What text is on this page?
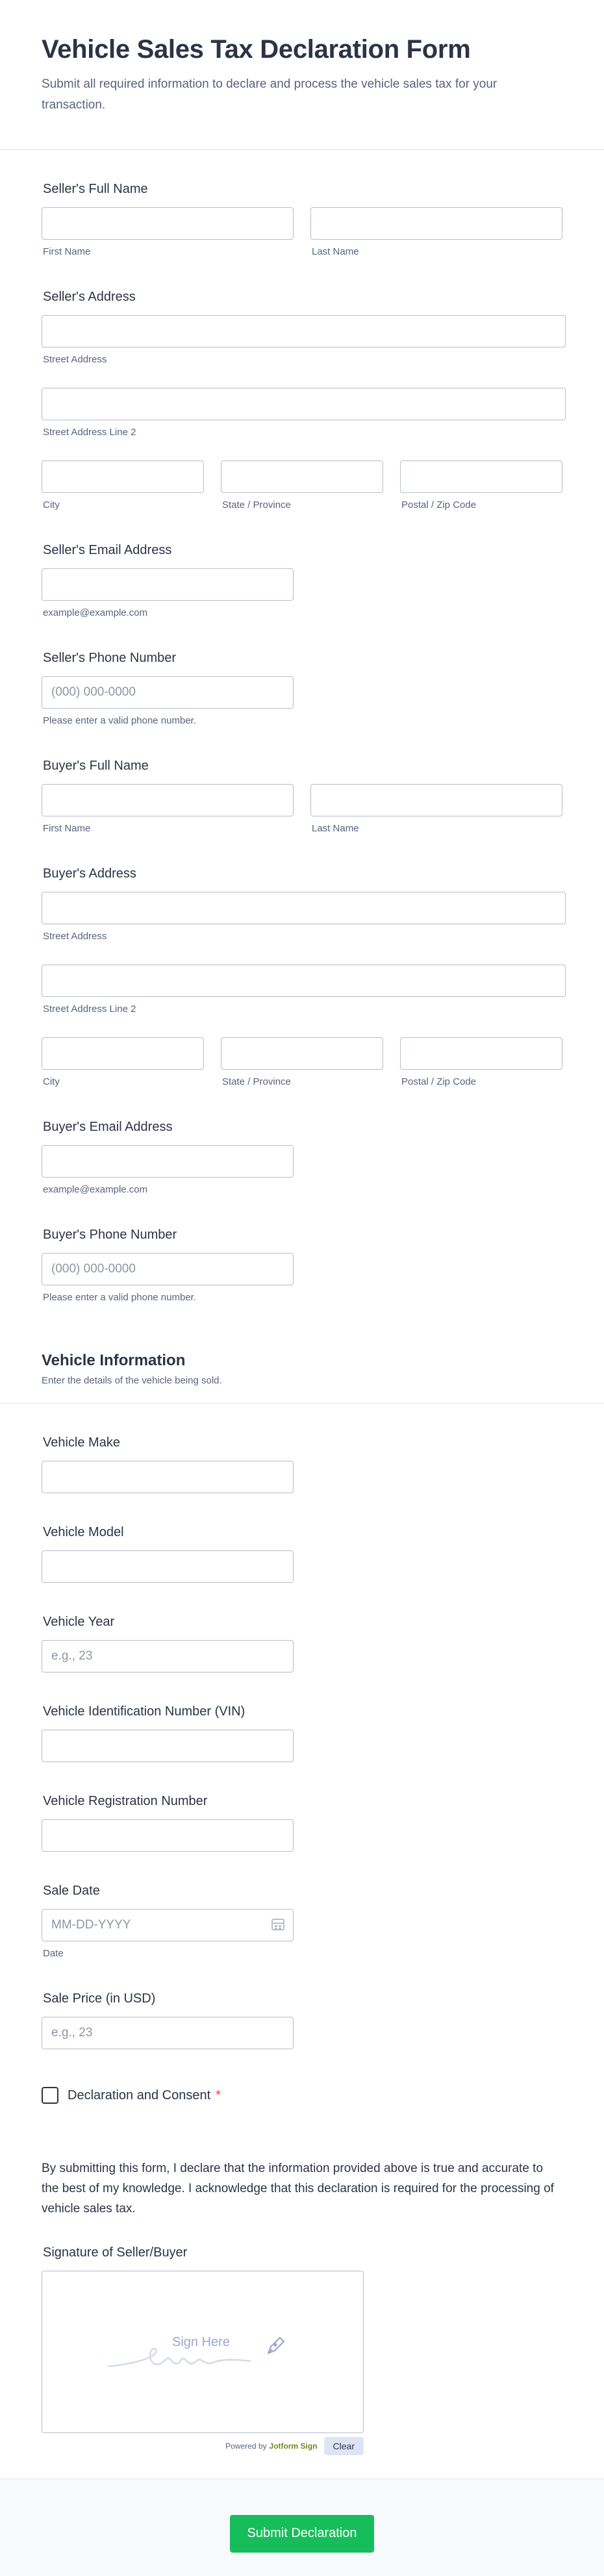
Vehicle Sales Tax Declaration Form

Submit all required information to declare and process the vehicle sales tax for your transaction.

Seller's Full Name
First Name	Last Name
Seller's Address
Street Address
Street Address Line 2
City	State / Province	Postal / Zip Code
Seller's Email Address
example@example.com
Seller's Phone Number
(000) 000-0000
Please enter a valid phone number.
Buyer's Full Name
First Name	Last Name
Buyer's Address
Street Address
Street Address Line 2
City	State / Province	Postal / Zip Code
Buyer's Email Address
example@example.com
Buyer's Phone Number
(000) 000-0000
Please enter a valid phone number.
Vehicle Information
Enter the details of the vehicle being sold.
Vehicle Make
Vehicle Model
Vehicle Year
e.g., 23
Vehicle Identification Number (VIN)
Vehicle Registration Number
Sale Date
MM-DD-YYYY
Date
Sale Price (in USD)
e.g., 23
Declaration and Consent *

By submitting this form, I declare that the information provided above is true and accurate to the best of my knowledge. I acknowledge that this declaration is required for the processing of vehicle sales tax.

Signature of Seller/Buyer
Sign Here
Powered by Jotform Sign	Clear
Submit Declaration
